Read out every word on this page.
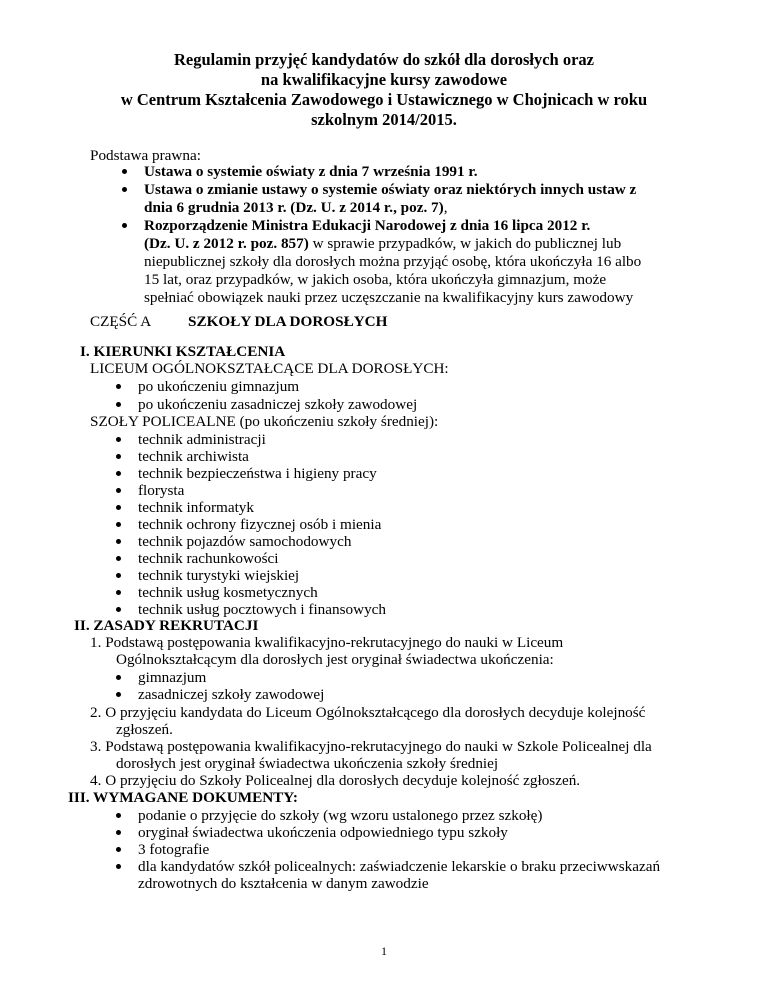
Regulamin przyjęć kandydatów do szkół dla dorosłych oraz
na kwalifikacyjne kursy zawodowe
w Centrum Kształcenia Zawodowego i Ustawicznego w Chojnicach w roku
szkolnym 2014/2015.
Podstawa prawna:
Ustawa o systemie oświaty z dnia 7 września 1991 r.
Ustawa o zmianie ustawy o systemie oświaty oraz niektórych innych ustaw z
dnia 6 grudnia 2013 r. (Dz. U. z 2014 r., poz. 7),
Rozporządzenie Ministra Edukacji Narodowej z dnia 16 lipca 2012 r.
(Dz. U. z 2012 r. poz. 857) w sprawie przypadków, w jakich do publicznej lub
niepublicznej szkoły dla dorosłych można przyjąć osobę, która ukończyła 16 albo
15 lat, oraz przypadków, w jakich osoba, która ukończyła gimnazjum, może
spełniać obowiązek nauki przez uczęszczanie na kwalifikacyjny kurs zawodowy
CZĘŚĆ A SZKOŁY DLA DOROSŁYCH
I. KIERUNKI KSZTAŁCENIA
LICEUM OGÓLNOKSZTAŁCĄCE DLA DOROSŁYCH:
po ukończeniu gimnazjum
po ukończeniu zasadniczej szkoły zawodowej
SZOŁY POLICEALNE (po ukończeniu szkoły średniej):
technik administracji
technik archiwista
technik bezpieczeństwa i higieny pracy
florysta
technik informatyk
technik ochrony fizycznej osób i mienia
technik pojazdów samochodowych
technik rachunkowości
technik turystyki wiejskiej
technik usług kosmetycznych
technik usług pocztowych i finansowych
II. ZASADY REKRUTACJI
1. Podstawą postępowania kwalifikacyjno-rekrutacyjnego do nauki w Liceum
Ogólnokształcącym dla dorosłych jest oryginał świadectwa ukończenia:
gimnazjum
zasadniczej szkoły zawodowej
2. O przyjęciu kandydata do Liceum Ogólnokształcącego dla dorosłych decyduje kolejność
zgłoszeń.
3. Podstawą postępowania kwalifikacyjno-rekrutacyjnego do nauki w Szkole Policealnej dla
dorosłych jest oryginał świadectwa ukończenia szkoły średniej
4. O przyjęciu do Szkoły Policealnej dla dorosłych decyduje kolejność zgłoszeń.
III. WYMAGANE DOKUMENTY:
podanie o przyjęcie do szkoły (wg wzoru ustalonego przez szkołę)
oryginał świadectwa ukończenia odpowiedniego typu szkoły
3 fotografie
dla kandydatów szkół policealnych: zaświadczenie lekarskie o braku przeciwwskazań
zdrowotnych do kształcenia w danym zawodzie
1
